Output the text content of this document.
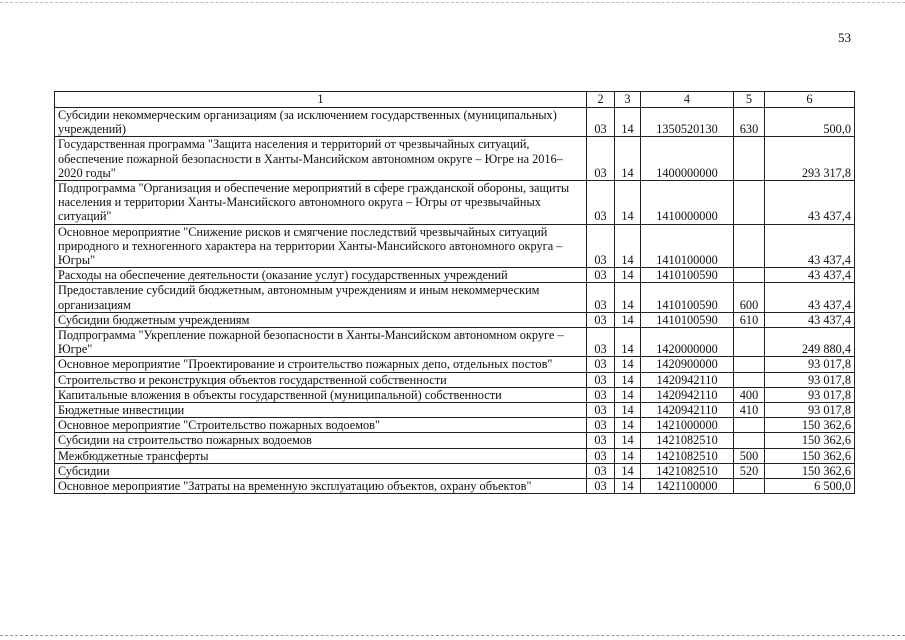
53
1	2	3	4	5	6
Субсидии некоммерческим организациям (за исключением государственных (муниципальных) учреждений)	03	14	1350520130	630	500,0
Государственная программа "Защита населения и территорий от чрезвычайных ситуаций, обеспечение пожарной безопасности в Ханты-Мансийском автономном округе – Югре на 2016–2020 годы"	03	14	1400000000		293 317,8
Подпрограмма "Организация и обеспечение мероприятий в сфере гражданской обороны, защиты населения и территории Ханты-Мансийского автономного округа – Югры от чрезвычайных ситуаций"	03	14	1410000000		43 437,4
Основное мероприятие "Снижение рисков и смягчение последствий чрезвычайных ситуаций природного и техногенного характера на территории Ханты-Мансийского автономного округа – Югры"	03	14	1410100000		43 437,4
Расходы на обеспечение деятельности (оказание услуг) государственных учреждений	03	14	1410100590		43 437,4
Предоставление субсидий бюджетным, автономным учреждениям и иным некоммерческим организациям	03	14	1410100590	600	43 437,4
Субсидии бюджетным учреждениям	03	14	1410100590	610	43 437,4
Подпрограмма "Укрепление пожарной безопасности в Ханты-Мансийском автономном округе – Югре"	03	14	1420000000		249 880,4
Основное мероприятие "Проектирование и строительство пожарных депо, отдельных постов"	03	14	1420900000		93 017,8
Строительство и реконструкция объектов государственной собственности	03	14	1420942110		93 017,8
Капитальные вложения в объекты государственной (муниципальной) собственности	03	14	1420942110	400	93 017,8
Бюджетные инвестиции	03	14	1420942110	410	93 017,8
Основное мероприятие "Строительство пожарных водоемов"	03	14	1421000000		150 362,6
Субсидии на строительство пожарных водоемов	03	14	1421082510		150 362,6
Межбюджетные трансферты	03	14	1421082510	500	150 362,6
Субсидии	03	14	1421082510	520	150 362,6
Основное мероприятие "Затраты на временную эксплуатацию объектов, охрану объектов"	03	14	1421100000		6 500,0
